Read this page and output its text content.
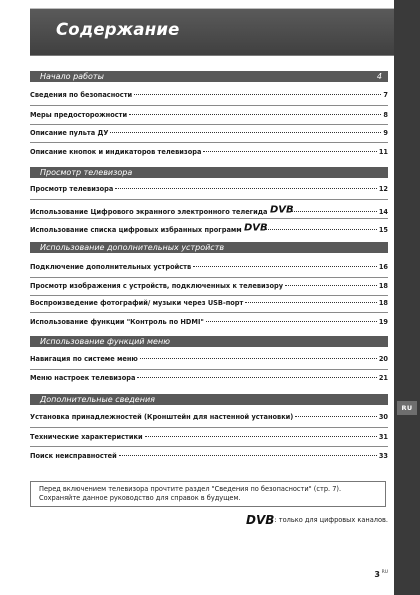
RU
Содержание
Начало работы	4
Сведения по безопасности	7
Меры предосторожности	8
Описание пульта ДУ	9
Описание кнопок и индикаторов телевизора	11
Просмотр телевизора
Просмотр телевизора	12
Использование Цифрового экранного электронного телегида DVB	14
Использование списка цифровых избранных программ DVB	15
Использование дополнительных устройств
Подключение дополнительных устройств	16
Просмотр изображения с устройств, подключенных к телевизору	18
Воспроизведение фотографий/ музыки через USB-порт	18
Использование функции "Контроль по HDMI"	19
Использование функций меню
Навигация по системе меню	20
Меню настроек телевизора	21
Дополнительные сведения
Установка принадлежностей (Кронштейн для настенной установки)	30
Технические характеристики	31
Поиск неисправностей	33
Перед включением телевизора прочтите раздел "Сведения по безопасности" (стр. 7).
Сохраняйте данное руководство для справок в будущем.
DVB : только для цифровых каналов.
3 RU
